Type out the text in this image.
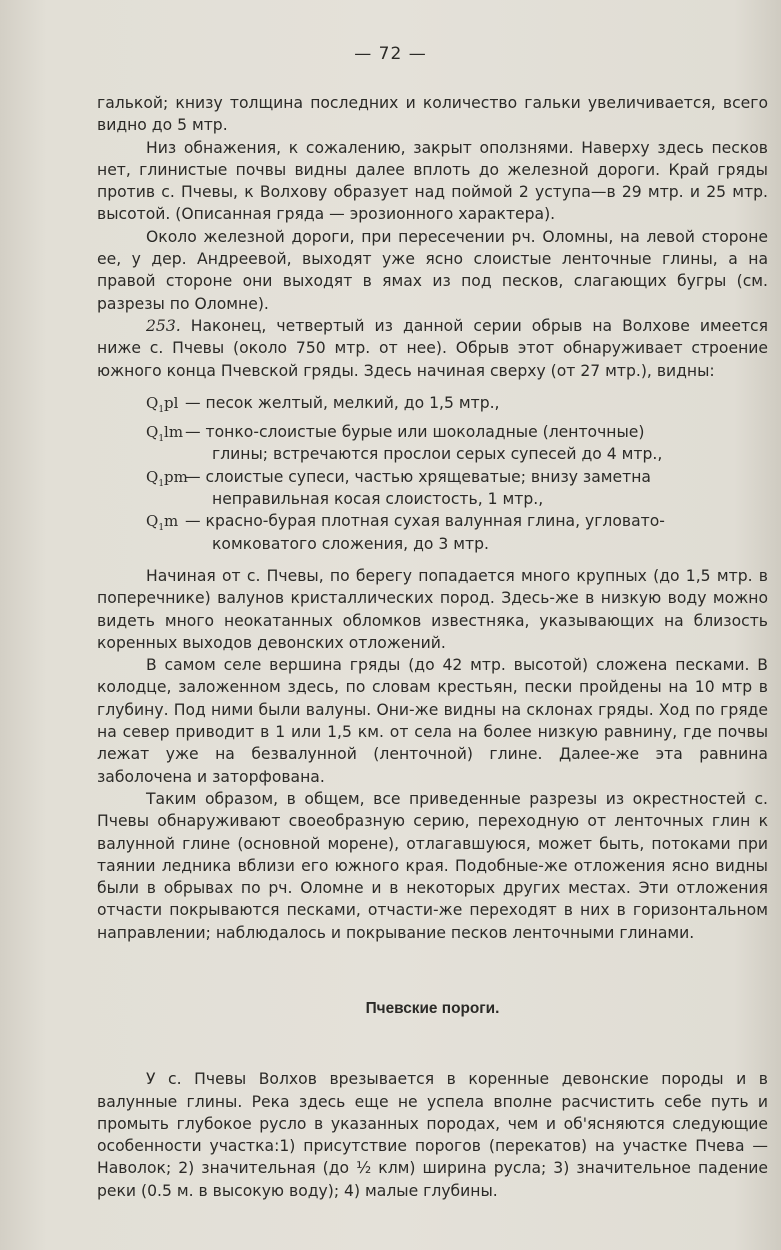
— 72 —

галькой; книзу толщина последних и количество гальки увеличивается, всего видно до 5 мтр.

Низ обнажения, к сожалению, закрыт оползнями. Наверху здесь песков нет, глинистые почвы видны далее вплоть до железной дороги. Край гряды против с. Пчевы, к Волхову образует над поймой 2 уступа—в 29 мтр. и 25 мтр. высотой. (Описанная гряда — эрозионного характера).

Около железной дороги, при пересечении рч. Оломны, на левой стороне ее, у дер. Андреевой, выходят уже ясно слоистые ленточные глины, а на правой стороне они выходят в ямах из под песков, слагающих бугры (см. разрезы по Оломне).

253. Наконец, четвертый из данной серии обрыв на Волхове имеется ниже с. Пчевы (около 750 мтр. от нее). Обрыв этот обнаруживает строение южного конца Пчевской гряды. Здесь начиная сверху (от 27 мтр.), видны:

$Q_1pl$ — песок желтый, мелкий, до 1,5 мтр.,
$Q_1lm$ — тонко-слоистые бурые или шоколадные (ленточные)
глины; встречаются прослои серых супесей до 4 мтр.,
$Q_1pm$
— слоистые супеси, частью хрящеватые; внизу заметна
неправильная косая слоистость, 1 мтр.,
$Q_1m$ — красно-бурая плотная сухая валунная глина, угловато-
комковатого сложения, до 3 мтр.

Начиная от с. Пчевы, по берегу попадается много крупных (до 1,5 мтр. в поперечнике) валунов кристаллических пород. Здесь-же в низкую воду можно видеть много неокатанных обломков известняка, указывающих на близость коренных выходов девонских отложений.

В самом селе вершина гряды (до 42 мтр. высотой) сложена песками. В колодце, заложенном здесь, по словам крестьян, пески пройдены на 10 мтр в глубину. Под ними были валуны. Они-же видны на склонах гряды. Ход по гряде на север приводит в 1 или 1,5 км. от села на более низкую равнину, где почвы лежат уже на безвалунной (ленточной) глине. Далее-же эта равнина заболочена и заторфована.

Таким образом, в общем, все приведенные разрезы из окрестностей с. Пчевы обнаруживают своеобразную серию, переходную от ленточных глин к валунной глине (основной морене), отлагавшуюся, может быть, потоками при таянии ледника вблизи его южного края. Подобные-же отложения ясно видны были в обрывах по рч. Оломне и в некоторых других местах. Эти отложения отчасти покрываются песками, отчасти-же переходят в них в горизонтальном направлении; наблюдалось и покрывание песков ленточными глинами.

Пчевские пороги.

У с. Пчевы Волхов врезывается в коренные девонские породы и в валунные глины. Река здесь еще не успела вполне расчистить себе путь и промыть глубокое русло в указанных породах, чем и об'ясняются следующие особенности участка:1) присутствие порогов (перекатов) на участке Пчева — Наволок; 2) значительная (до ½ клм) ширина русла; 3) значительное падение реки (0.5 м. в высокую воду); 4) малые глубины.
